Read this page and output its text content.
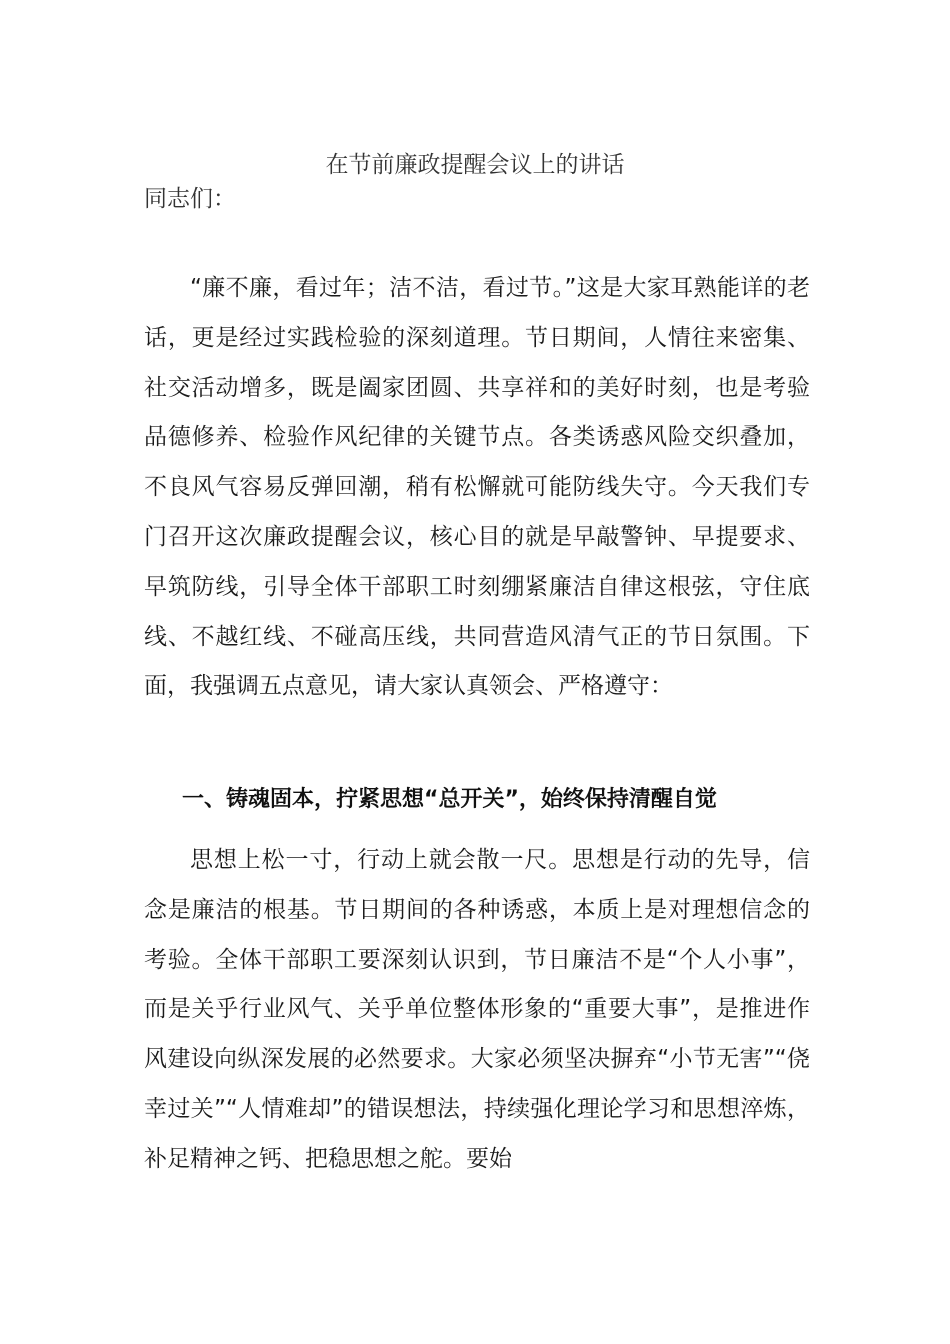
在节前廉政提醒会议上的讲话

同志们：

“廉不廉，看过年；洁不洁，看过节。”这是大家耳熟能详的老话，更是经过实践检验的深刻道理。节日期间，人情往来密集、社交活动增多，既是阖家团圆、共享祥和的美好时刻，也是考验品德修养、检验作风纪律的关键节点。各类诱惑风险交织叠加，不良风气容易反弹回潮，稍有松懈就可能防线失守。今天我们专门召开这次廉政提醒会议，核心目的就是早敲警钟、早提要求、早筑防线，引导全体干部职工时刻绷紧廉洁自律这根弦，守住底线、不越红线、不碰高压线，共同营造风清气正的节日氛围。下面，我强调五点意见，请大家认真领会、严格遵守：

一、铸魂固本，拧紧思想“总开关”，始终保持清醒自觉

思想上松一寸，行动上就会散一尺。思想是行动的先导，信念是廉洁的根基。节日期间的各种诱惑，本质上是对理想信念的考验。全体干部职工要深刻认识到，节日廉洁不是“个人小事”，而是关乎行业风气、关乎单位整体形象的“重要大事”，是推进作风建设向纵深发展的必然要求。大家必须坚决摒弃“小节无害”“侥幸过关”“人情难却”的错误想法，持续强化理论学习和思想淬炼，补足精神之钙、把稳思想之舵。要始
